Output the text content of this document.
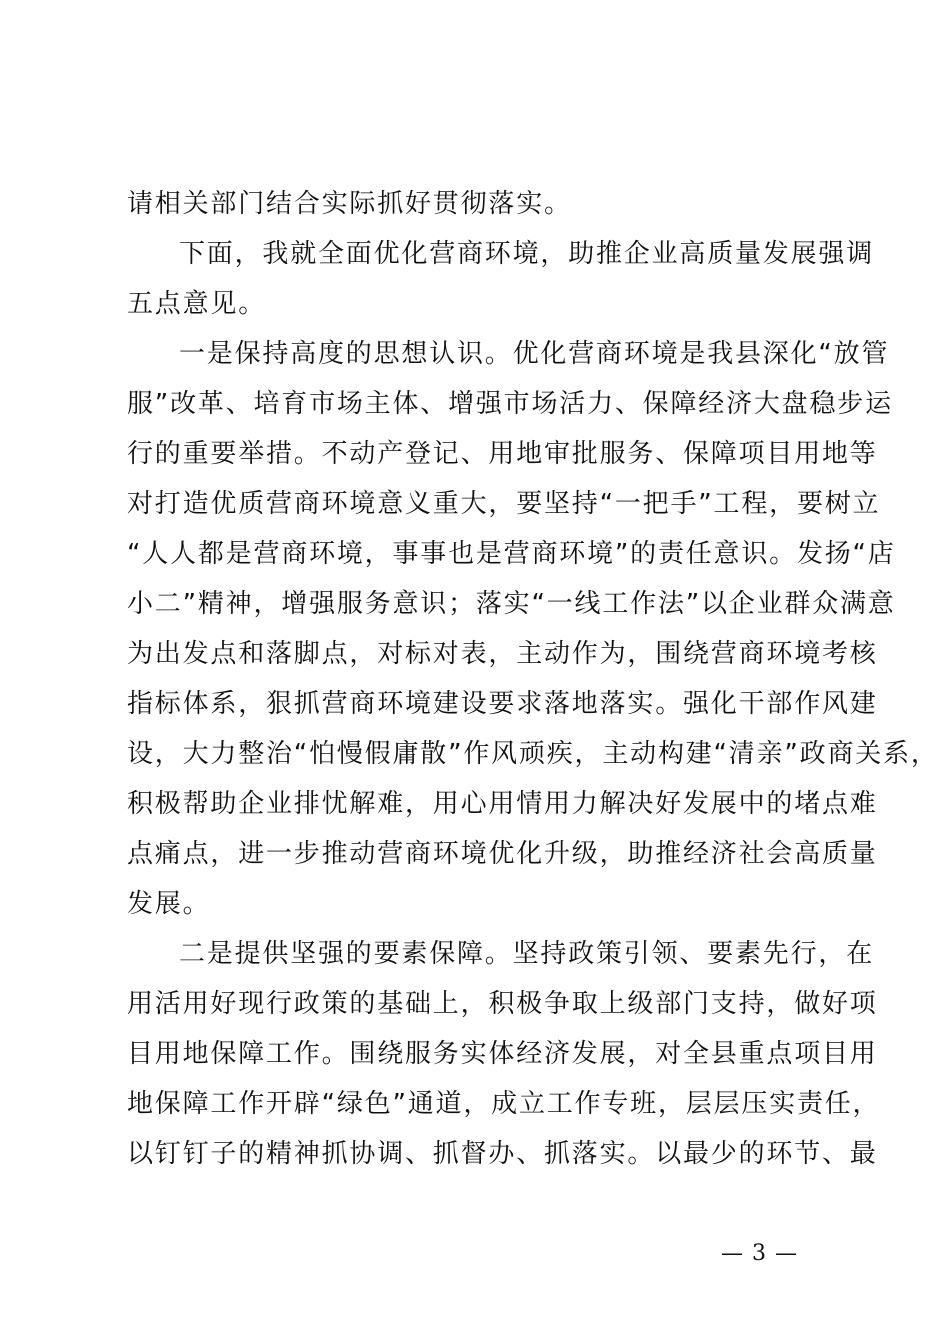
请相关部门结合实际抓好贯彻落实。
下面，我就全面优化营商环境，助推企业高质量发展强调
五点意见。
一是保持高度的思想认识。优化营商环境是我县深化“放管
服”改革、培育市场主体、增强市场活力、保障经济大盘稳步运
行的重要举措。不动产登记、用地审批服务、保障项目用地等
对打造优质营商环境意义重大，要坚持“一把手”工程，要树立
“人人都是营商环境，事事也是营商环境”的责任意识。发扬“店
小二”精神，增强服务意识；落实“一线工作法”以企业群众满意
为出发点和落脚点，对标对表，主动作为，围绕营商环境考核
指标体系，狠抓营商环境建设要求落地落实。强化干部作风建
设，大力整治“怕慢假庸散”作风顽疾，主动构建“清亲”政商关系，
积极帮助企业排忧解难，用心用情用力解决好发展中的堵点难
点痛点，进一步推动营商环境优化升级，助推经济社会高质量
发展。
二是提供坚强的要素保障。坚持政策引领、要素先行，在
用活用好现行政策的基础上，积极争取上级部门支持，做好项
目用地保障工作。围绕服务实体经济发展，对全县重点项目用
地保障工作开辟“绿色”通道，成立工作专班，层层压实责任，
以钉钉子的精神抓协调、抓督办、抓落实。以最少的环节、最
— 3 —
